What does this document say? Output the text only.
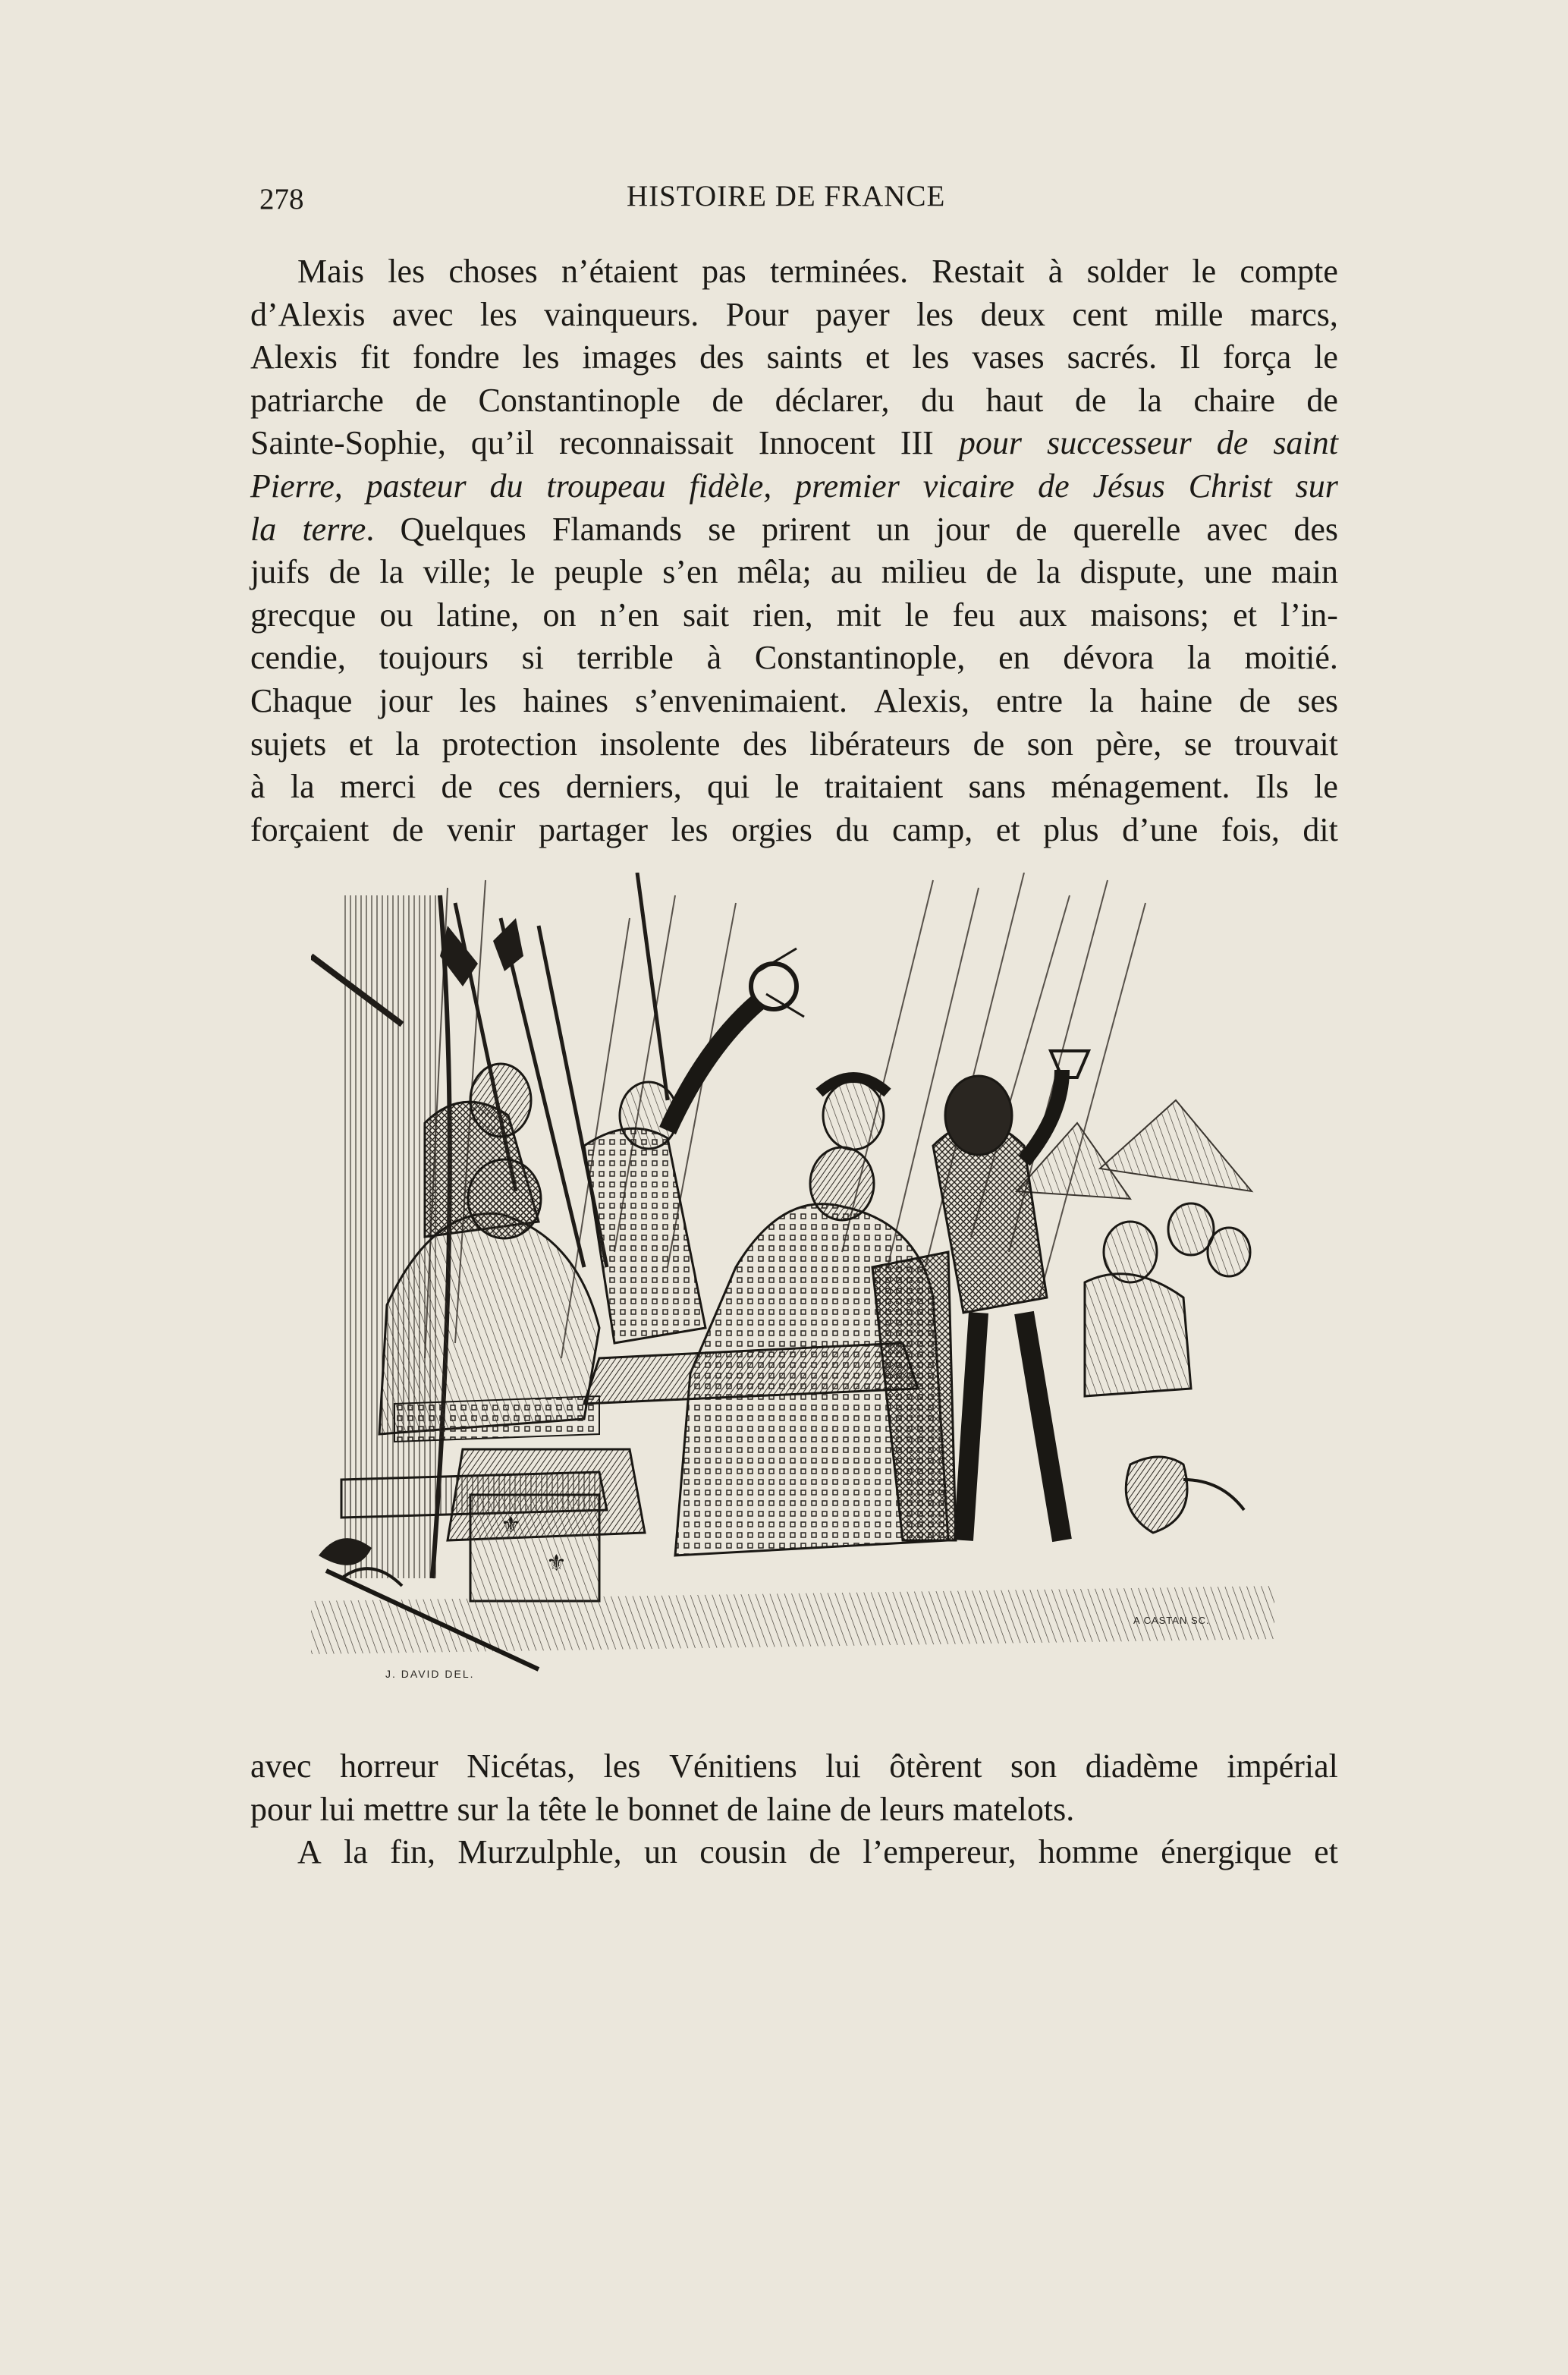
278	HISTOIRE DE FRANCE
Mais les choses n’étaient pas terminées. Restait à solder le compte
d’Alexis avec les vainqueurs. Pour payer les deux cent mille marcs,
Alexis fit fondre les images des saints et les vases sacrés. Il força le
patriarche de Constantinople de déclarer, du haut de la chaire de
Sainte-Sophie, qu’il reconnaissait Innocent III pour successeur de saint
Pierre, pasteur du troupeau fidèle, premier vicaire de Jésus Christ sur
la terre. Quelques Flamands se prirent un jour de querelle avec des
juifs de la ville; le peuple s’en mêla; au milieu de la dispute, une main
grecque ou latine, on n’en sait rien, mit le feu aux maisons; et l’in-
cendie, toujours si terrible à Constantinople, en dévora la moitié.
Chaque jour les haines s’envenimaient. Alexis, entre la haine de ses
sujets et la protection insolente des libérateurs de son père, se trouvait
à la merci de ces derniers, qui le traitaient sans ménagement. Ils le
forçaient de venir partager les orgies du camp, et plus d’une fois, dit
⚜
⚜
J. DAVID DEL.
A CASTAN SC.
avec horreur Nicétas, les Vénitiens lui ôtèrent son diadème impérial
pour lui mettre sur la tête le bonnet de laine de leurs matelots.
A la fin, Murzulphle, un cousin de l’empereur, homme énergique et
